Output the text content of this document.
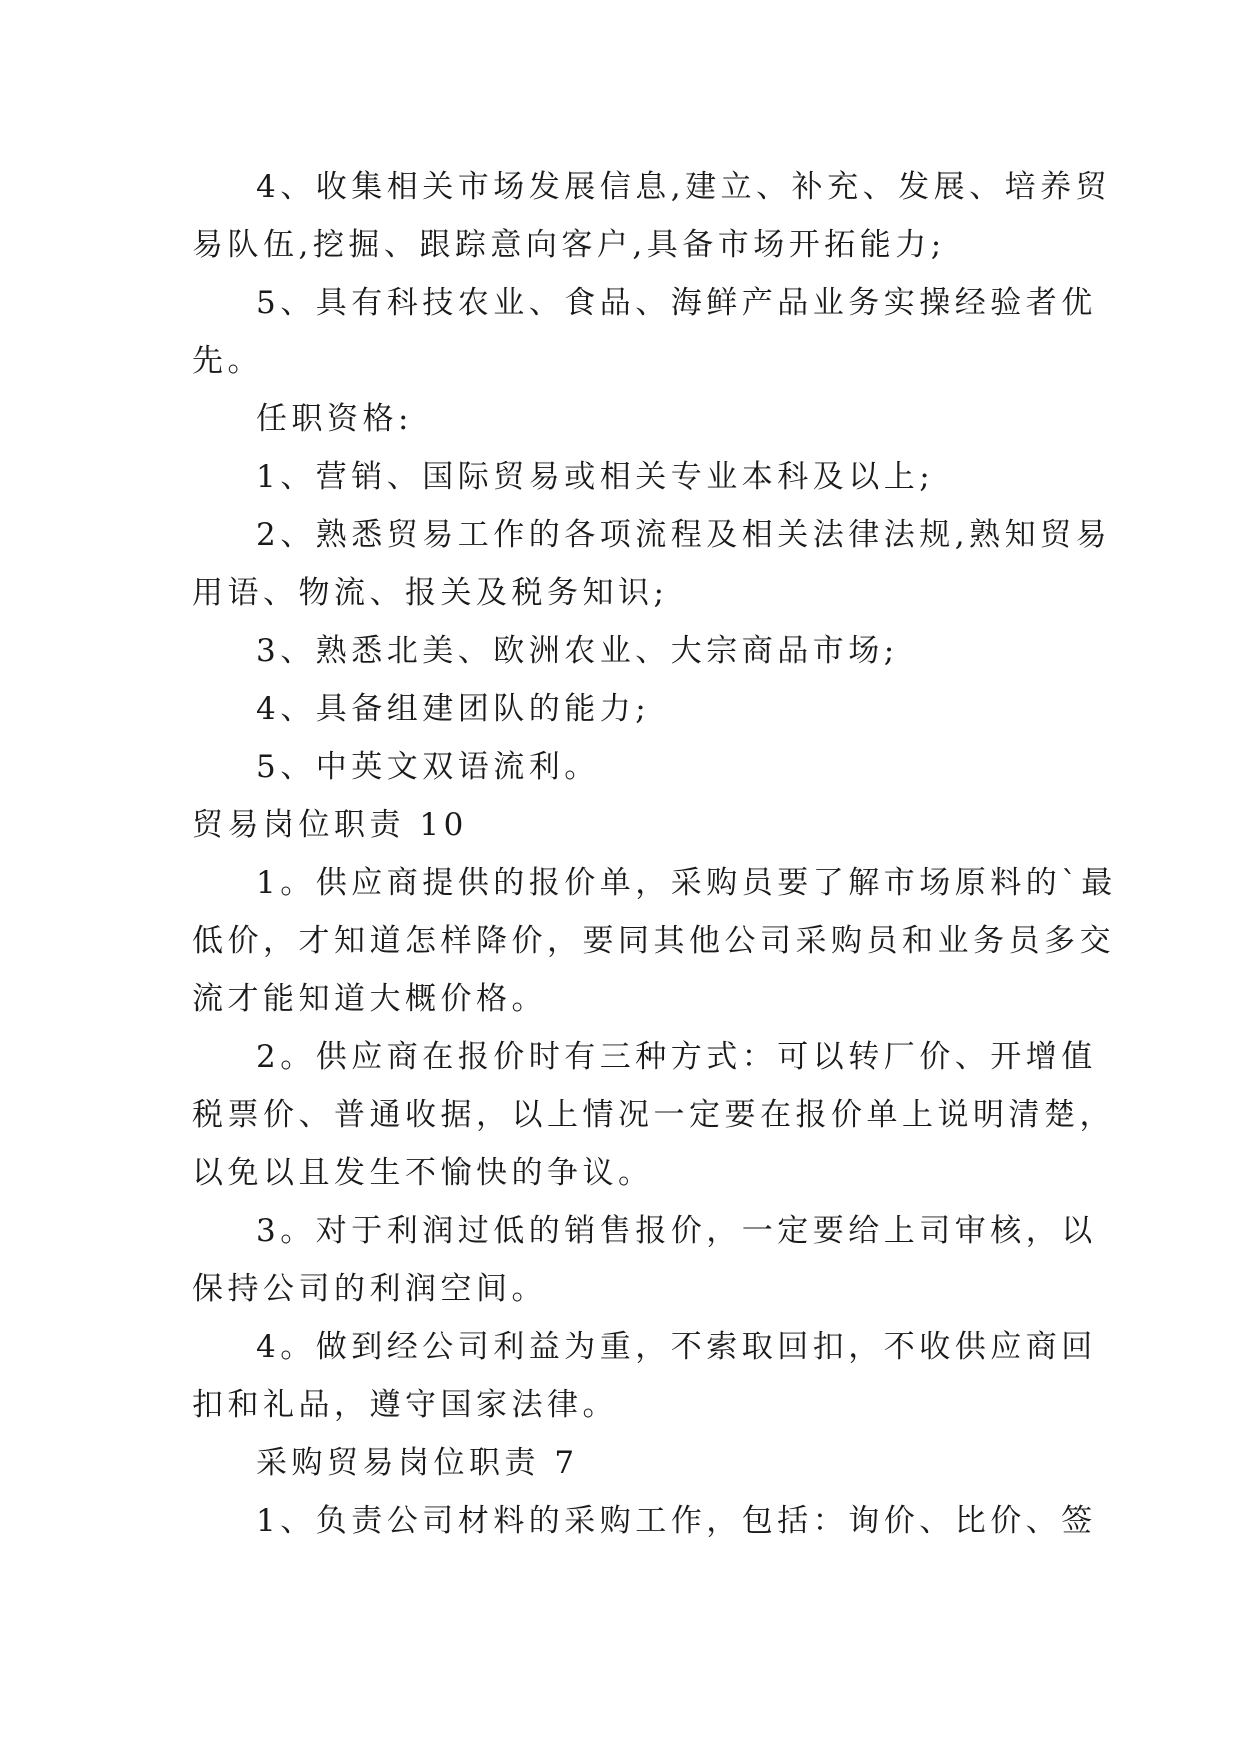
4、收集相关市场发展信息,建立、补充、发展、培养贸

易队伍,挖掘、跟踪意向客户,具备市场开拓能力;

5、具有科技农业、食品、海鲜产品业务实操经验者优

先。

任职资格:

1、营销、国际贸易或相关专业本科及以上;

2、熟悉贸易工作的各项流程及相关法律法规,熟知贸易

用语、物流、报关及税务知识;

3、熟悉北美、欧洲农业、大宗商品市场;

4、具备组建团队的能力;

5、中英文双语流利。

贸易岗位职责 10

1。供应商提供的报价单，采购员要了解市场原料的`最

低价，才知道怎样降价，要同其他公司采购员和业务员多交

流才能知道大概价格。

2。供应商在报价时有三种方式：可以转厂价、开增值

税票价、普通收据，以上情况一定要在报价单上说明清楚，

以免以且发生不愉快的争议。

3。对于利润过低的销售报价，一定要给上司审核，以

保持公司的利润空间。

4。做到经公司利益为重，不索取回扣，不收供应商回

扣和礼品，遵守国家法律。

采购贸易岗位职责 7

1、负责公司材料的采购工作，包括：询价、比价、签
